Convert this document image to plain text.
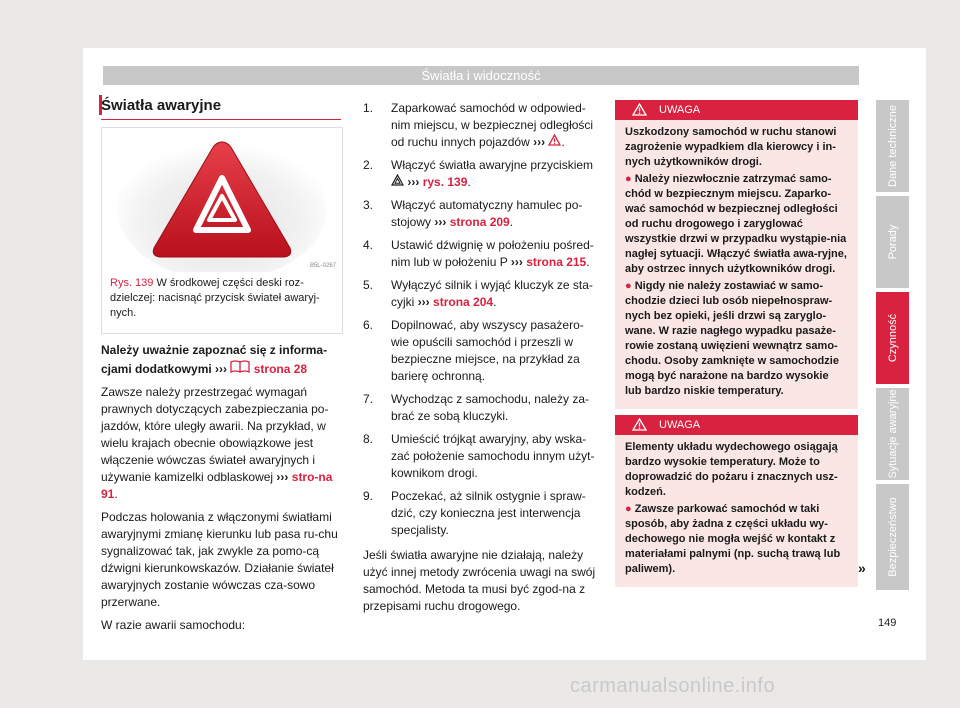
Światła i widoczność
Światła awaryjne
B5L-0267
Rys. 139 W środkowej części deski roz-dzielczej: nacisnąć przycisk świateł awaryj-nych.

Należy uważnie zapoznać się z informa-cjami dodatkowymi ››› strona 28

Zawsze należy przestrzegać wymagań prawnych dotyczących zabezpieczania po-jazdów, które uległy awarii. Na przykład, w wielu krajach obecnie obowiązkowe jest włączenie wówczas świateł awaryjnych i używanie kamizelki odblaskowej ››› stro-na 91.

Podczas holowania z włączonymi światłami awaryjnymi zmianę kierunku lub pasa ru-chu sygnalizować tak, jak zwykle za pomo-cą dźwigni kierunkowskazów. Działanie świateł awaryjnych zostanie wówczas cza-sowo przerwane.

W razie awarii samochodu:

1. Zaparkować samochód w odpowied-nim miejscu, w bezpiecznej odległości od ruchu innych pojazdów ››› .
2. Włączyć światła awaryjne przyciskiem  ››› rys. 139.
3. Włączyć automatyczny hamulec po-stojowy ››› strona 209.
4. Ustawić dźwignię w położeniu pośred-nim lub w położeniu P ››› strona 215.
5. Wyłączyć silnik i wyjąć kluczyk ze sta-cyjki ››› strona 204.
6. Dopilnować, aby wszyscy pasażero-wie opuścili samochód i przeszli w bezpieczne miejsce, na przykład za barierę ochronną.
7. Wychodząc z samochodu, należy za-brać ze sobą kluczyki.
8. Umieścić trójkąt awaryjny, aby wska-zać położenie samochodu innym użyt-kownikom drogi.
9. Poczekać, aż silnik ostygnie i spraw-dzić, czy konieczna jest interwencja specjalisty.

Jeśli światła awaryjne nie działają, należy użyć innej metody zwrócenia uwagi na swój samochód. Metoda ta musi być zgod-na z przepisami ruchu drogowego.

UWAGA

Uszkodzony samochód w ruchu stanowi zagrożenie wypadkiem dla kierowcy i in-nych użytkowników drogi.

● Należy niezwłocznie zatrzymać samo-chód w bezpiecznym miejscu. Zaparko-wać samochód w bezpiecznej odległości od ruchu drogowego i zaryglować wszystkie drzwi w przypadku wystąpie-nia nagłej sytuacji. Włączyć światła awa-ryjne, aby ostrzec innych użytkowników drogi.

● Nigdy nie należy zostawiać w samo-chodzie dzieci lub osób niepełnospraw-nych bez opieki, jeśli drzwi są zaryglo-wane. W razie nagłego wypadku pasaże-rowie zostaną uwięzieni wewnątrz samo-chodu. Osoby zamknięte w samochodzie mogą być narażone na bardzo wysokie lub bardzo niskie temperatury.

UWAGA

Elementy układu wydechowego osiągają bardzo wysokie temperatury. Może to doprowadzić do pożaru i znacznych usz-kodzeń.

● Zawsze parkować samochód w taki sposób, aby żadna z części układu wy-dechowego nie mogła wejść w kontakt z materiałami palnymi (np. suchą trawą lub paliwem).	»
Dane techniczne
Porady
Czynność
Sytuacje awaryjne
Bezpieczeństwo
149
carmanualsonline.info
